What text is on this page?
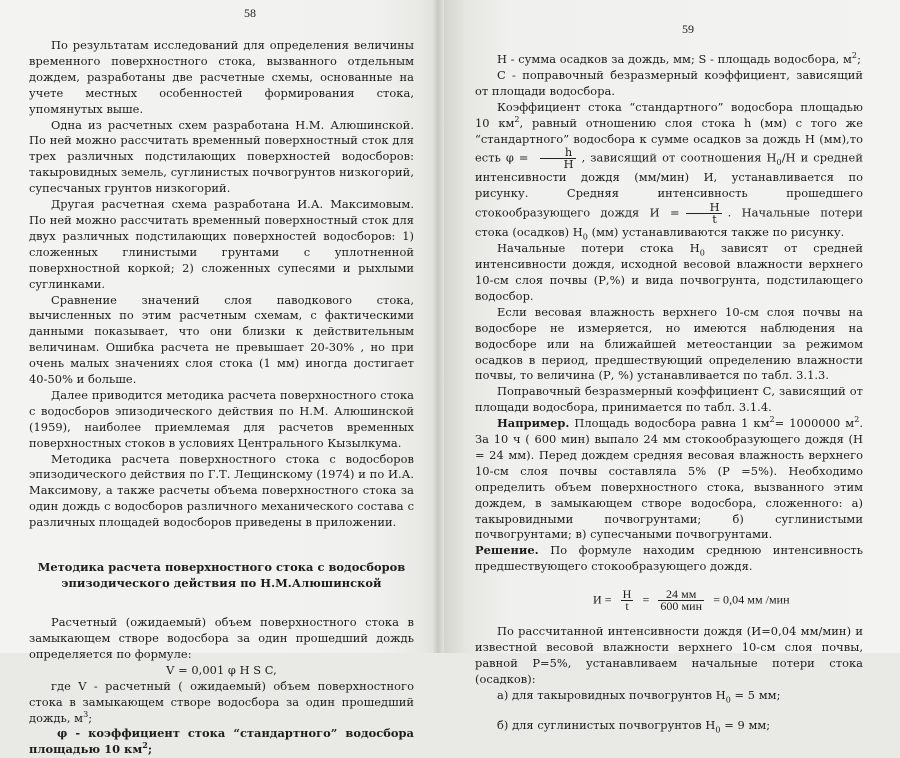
58

По результатам исследований для определения величины временного поверхностного стока, вызванного отдельным дождем, разработаны две расчетные схемы, основанные на учете местных особенностей формирования стока, упомянутых выше.

Одна из расчетных схем разработана Н.М. Алюшинской. По ней можно рассчитать временный поверхностный сток для трех различных подстилающих поверхностей водосборов: такыровидных земель, суглинистых почвогрунтов низкогорий, супесчаных грунтов низкогорий.

Другая расчетная схема разработана И.А. Максимовым. По ней можно рассчитать временный поверхностный сток для двух различных подстилающих поверхностей водосборов: 1) сложенных глинистыми грунтами с уплотненной поверхностной коркой; 2) сложенных супесями и рыхлыми суглинками.

Сравнение значений слоя паводкового стока, вычисленных по этим расчетным схемам, с фактическими данными показывает, что они близки к действительным величинам. Ошибка расчета не превышает 20-30% , но при очень малых значениях слоя стока (1 мм) иногда достигает 40-50% и больше.

Далее приводится методика расчета поверхностного стока с водосборов эпизодического действия по Н.М. Алюшинской (1959), наиболее приемлемая для расчетов временных поверхностных стоков в условиях Центрального Кызылкума.

Методика расчета поверхностного стока с водосборов эпизодического действия по Г.Т. Лещинскому (1974) и по И.А. Максимову, а также расчеты объема поверхностного стока за один дождь с водосборов различного механического состава с различных площадей водосборов приведены в приложении.

Методика расчета поверхностного стока с водосборов
эпизодического действия по Н.М.Алюшинской

Расчетный (ожидаемый) объем поверхностного стока в замыкающем створе водосбора за один прошедший дождь определяется по формуле:

V = 0,001 φ H S C,

где V - расчетный ( ожидаемый) объем поверхностного стока в замыкающем створе водосбора за один прошедший дождь, $м^3$;

φ - коэффициент стока “стандартного” водосбора площадью 10 $км^2$;

59

Н - сумма осадков за дождь, мм; S - площадь водосбора, $м^2$;

С - поправочный безразмерный коэффициент, зависящий от площади водосбора.

Коэффициент стока “стандартного” водосбора площадью 10 $км^2$, равный отношению слоя стока h (мм) с того же “стандартного” водосбора к сумме осадков за дождь Н (мм),то есть $\varphi = \frac{h}{H}$ , зависящий от соотношения $Н_0/Н$ и средней интенсивности дождя (мм/мин) И, устанавливается по рисунку. Средняя интенсивность прошедшего стокообразующего дождя $И = \frac{H}{t}$ . Начальные потери стока (осадков) $Н_0$ (мм) устанавливаются также по рисунку.

Начальные потери стока $Н_0$ зависят от средней интенсивности дождя, исходной весовой влажности верхнего 10-см слоя почвы (Р,%) и вида почвогрунта, подстилающего водосбор.

Если весовая влажность верхнего 10-см слоя почвы на водосборе не измеряется, но имеются наблюдения на водосборе или на ближайшей метеостанции за режимом осадков в период, предшествующий определению влажности почвы, то величина (Р, %) устанавливается по табл. 3.1.3.

Поправочный безразмерный коэффициент С, зависящий от площади водосбора, принимается по табл. 3.1.4.

Например. Площадь водосбора равна 1 $км^2= 1000000$ $м^2$. За 10 ч ( 600 мин) выпало 24 мм стокообразующего дождя (Н = 24 мм). Перед дождем средняя весовая влажность верхнего 10-см слоя почвы составляла 5% (Р =5%). Необходимо определить объем поверхностного стока, вызванного этим дождем, в замыкающем створе водосбора, сложенного: а) такыровидными почвогрунтами; б) суглинистыми почвогрунтами; в) супесчаными почвогрунтами.

Решение. По формуле находим среднюю интенсивность предшествующего стокообразующего дождя.

$И = \frac{H}{t} = \frac{24 мм}{\text{600 мин}} = 0,04$ мм /мин

По рассчитанной интенсивности дождя (И=0,04 мм/мин) и известной весовой влажности верхнего 10-см слоя почвы, равной Р=5%, устанавливаем начальные потери стока (осадков):

а) для такыровидных почвогрунтов $Н_0 = 5$ мм;

б) для суглинистых почвогрунтов $Н_0 = 9$ мм;
